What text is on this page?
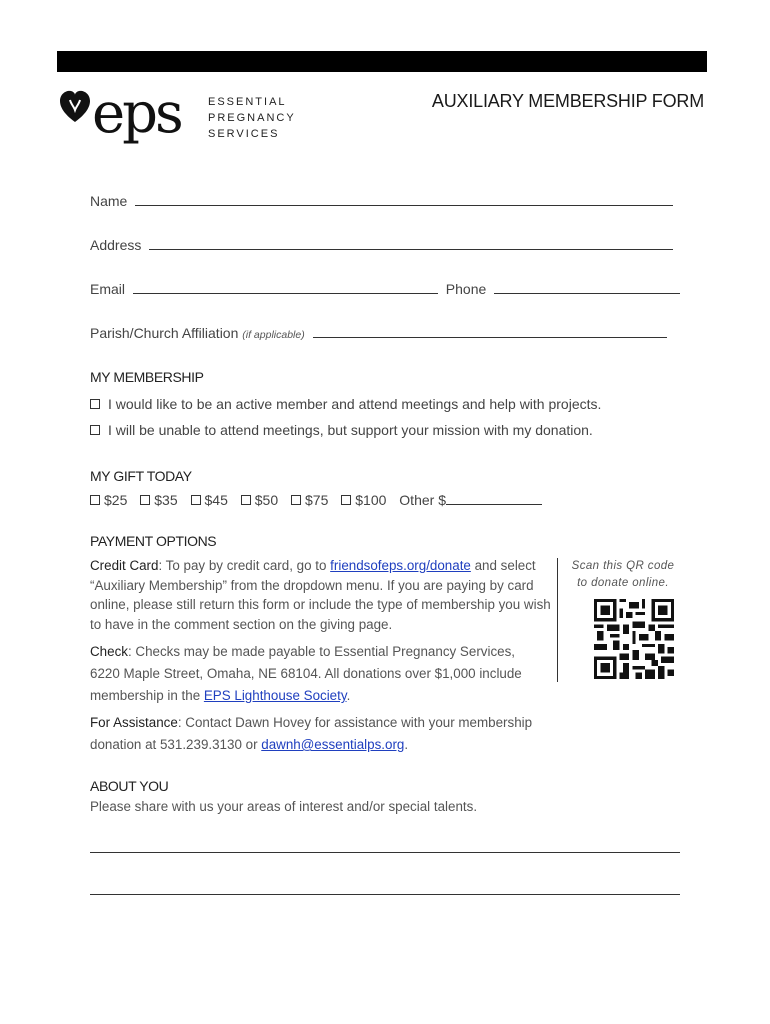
eps ESSENTIAL
PREGNANCY
SERVICES
AUXILIARY MEMBERSHIP FORM
Name
Address
Email	Phone
Parish/Church Affiliation (if applicable)
MY MEMBERSHIP
I would like to be an active member and attend meetings and help with projects.
I will be unable to attend meetings, but support your mission with my donation.
MY GIFT TODAY
$25 $35 $45 $50 $75 $100 Other $
PAYMENT OPTIONS
Credit Card: To pay by credit card, go to friendsofeps.org/donate and select “Auxiliary Membership” from the dropdown menu. If you are paying by card online, please still return this form or include the type of membership you wish to have in the comment section on the giving page.
Check: Checks may be made payable to Essential Pregnancy Services, 6220 Maple Street, Omaha, NE 68104. All donations over $1,000 include membership in the EPS Lighthouse Society.
For Assistance: Contact Dawn Hovey for assistance with your membership donation at 531.239.3130 or dawnh@essentialps.org.
Scan this QR code
to donate online.
ABOUT YOU
Please share with us your areas of interest and/or special talents.
